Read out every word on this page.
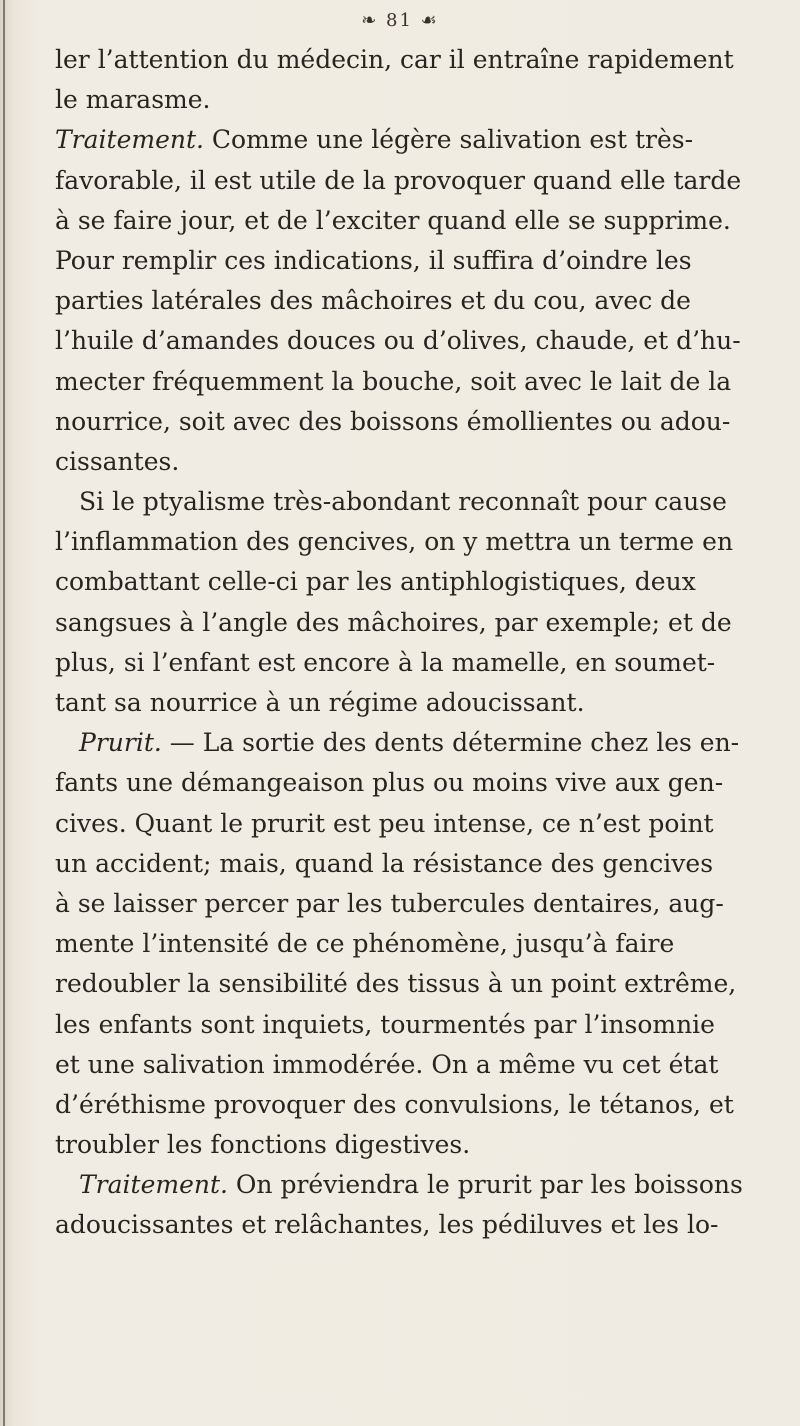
❧ 81 ☙
ler l’attention du médecin, car il entraîne rapidement
le marasme.
Traitement. Comme une légère salivation est très-
favorable, il est utile de la provoquer quand elle tarde
à se faire jour, et de l’exciter quand elle se supprime.
Pour remplir ces indications, il suffira d’oindre les
parties latérales des mâchoires et du cou, avec de
l’huile d’amandes douces ou d’olives, chaude, et d’hu-
mecter fréquemment la bouche, soit avec le lait de la
nourrice, soit avec des boissons émollientes ou adou-
cissantes.
Si le ptyalisme très-abondant reconnaît pour cause
l’inflammation des gencives, on y mettra un terme en
combattant celle-ci par les antiphlogistiques, deux
sangsues à l’angle des mâchoires, par exemple; et de
plus, si l’enfant est encore à la mamelle, en soumet-
tant sa nourrice à un régime adoucissant.
Prurit. — La sortie des dents détermine chez les en-
fants une démangeaison plus ou moins vive aux gen-
cives. Quant le prurit est peu intense, ce n’est point
un accident; mais, quand la résistance des gencives
à se laisser percer par les tubercules dentaires, aug-
mente l’intensité de ce phénomène, jusqu’à faire
redoubler la sensibilité des tissus à un point extrême,
les enfants sont inquiets, tourmentés par l’insomnie
et une salivation immodérée. On a même vu cet état
d’éréthisme provoquer des convulsions, le tétanos, et
troubler les fonctions digestives.
Traitement. On préviendra le prurit par les boissons
adoucissantes et relâchantes, les pédiluves et les lo-
